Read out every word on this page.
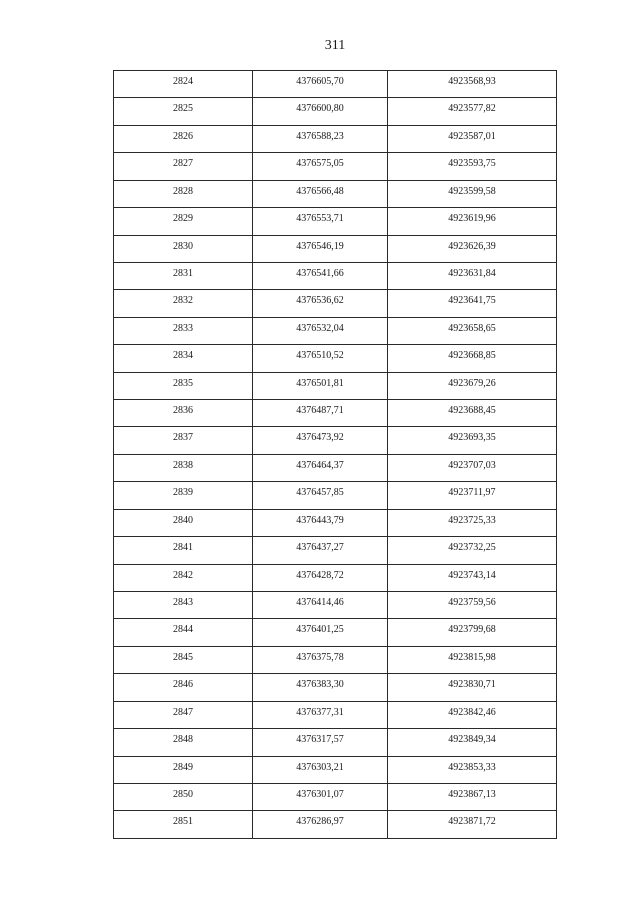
311
2824	4376605,70	4923568,93
2825	4376600,80	4923577,82
2826	4376588,23	4923587,01
2827	4376575,05	4923593,75
2828	4376566,48	4923599,58
2829	4376553,71	4923619,96
2830	4376546,19	4923626,39
2831	4376541,66	4923631,84
2832	4376536,62	4923641,75
2833	4376532,04	4923658,65
2834	4376510,52	4923668,85
2835	4376501,81	4923679,26
2836	4376487,71	4923688,45
2837	4376473,92	4923693,35
2838	4376464,37	4923707,03
2839	4376457,85	4923711,97
2840	4376443,79	4923725,33
2841	4376437,27	4923732,25
2842	4376428,72	4923743,14
2843	4376414,46	4923759,56
2844	4376401,25	4923799,68
2845	4376375,78	4923815,98
2846	4376383,30	4923830,71
2847	4376377,31	4923842,46
2848	4376317,57	4923849,34
2849	4376303,21	4923853,33
2850	4376301,07	4923867,13
2851	4376286,97	4923871,72
